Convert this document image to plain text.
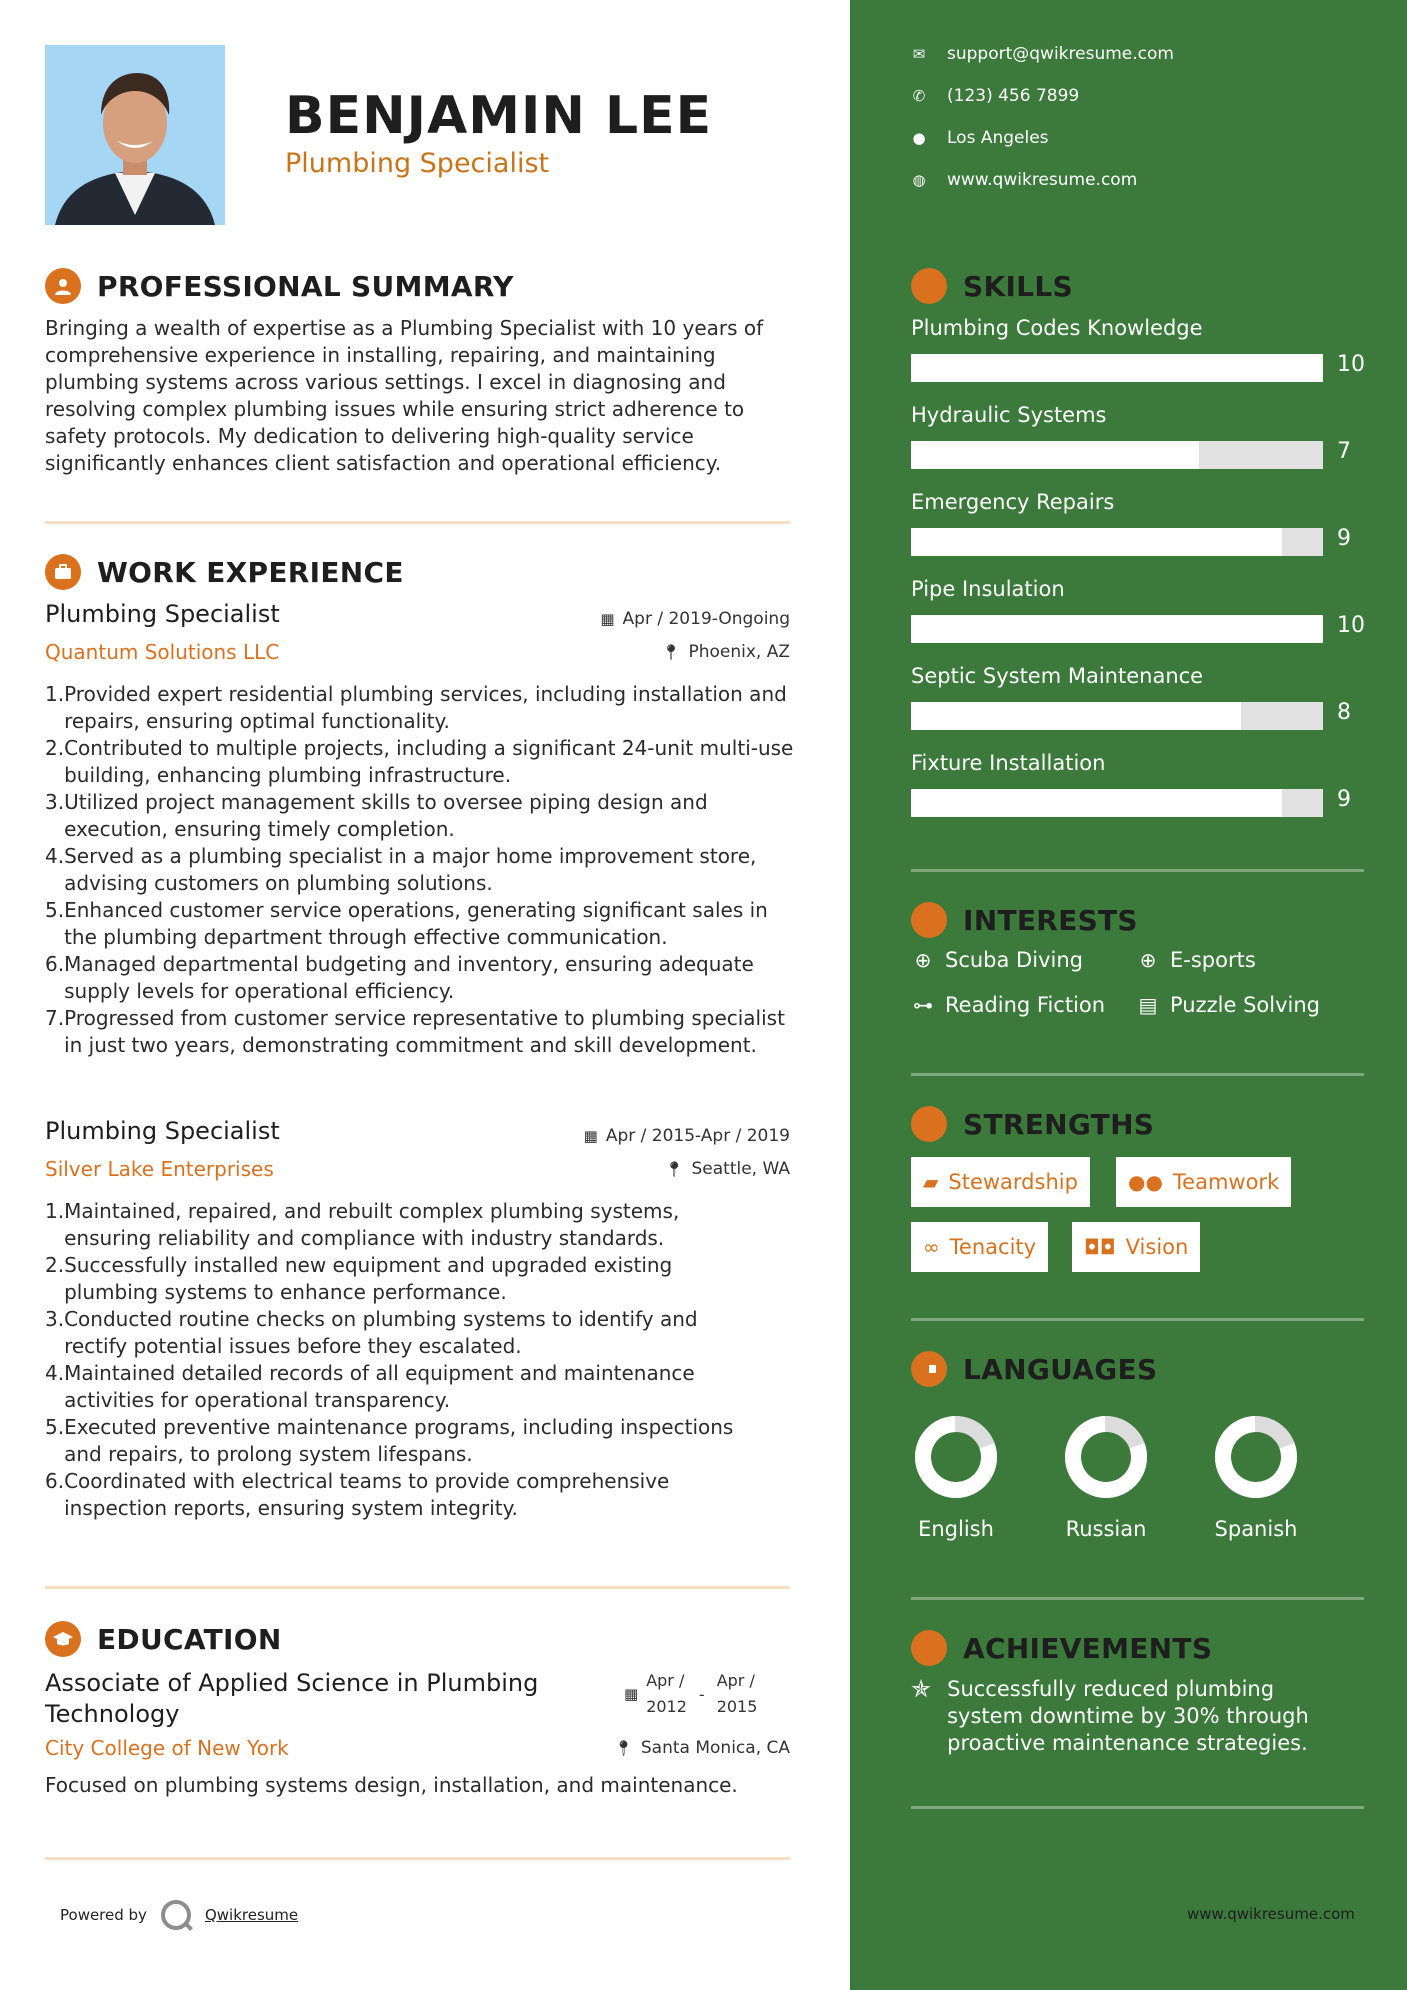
BENJAMIN LEE
Plumbing Specialist
PROFESSIONAL SUMMARY
Bringing a wealth of expertise as a Plumbing Specialist with 10 years of comprehensive experience in installing, repairing, and maintaining plumbing systems across various settings. I excel in diagnosing and resolving complex plumbing issues while ensuring strict adherence to safety protocols. My dedication to delivering high-quality service significantly enhances client satisfaction and operational efficiency.
WORK EXPERIENCE
Plumbing Specialist	▦ Apr / 2019-Ongoing
Quantum Solutions LLC	📍︎ Phoenix, AZ
1. Provided expert residential plumbing services, including installation and repairs, ensuring optimal functionality.
2. Contributed to multiple projects, including a significant 24-unit multi-use building, enhancing plumbing infrastructure.
3. Utilized project management skills to oversee piping design and execution, ensuring timely completion.
4. Served as a plumbing specialist in a major home improvement store, advising customers on plumbing solutions.
5. Enhanced customer service operations, generating significant sales in the plumbing department through effective communication.
6. Managed departmental budgeting and inventory, ensuring adequate supply levels for operational efficiency.
7. Progressed from customer service representative to plumbing specialist in just two years, demonstrating commitment and skill development.
Plumbing Specialist	▦ Apr / 2015-Apr / 2019
Silver Lake Enterprises	📍︎ Seattle, WA
1. Maintained, repaired, and rebuilt complex plumbing systems, ensuring reliability and compliance with industry standards.
2. Successfully installed new equipment and upgraded existing plumbing systems to enhance performance.
3. Conducted routine checks on plumbing systems to identify and rectify potential issues before they escalated.
4. Maintained detailed records of all equipment and maintenance activities for operational transparency.
5. Executed preventive maintenance programs, including inspections and repairs, to prolong system lifespans.
6. Coordinated with electrical teams to provide comprehensive inspection reports, ensuring system integrity.
EDUCATION
Associate of Applied Science in Plumbing Technology
▦
Apr /
2012
-
Apr /
2015
City College of New York	📍︎ Santa Monica, CA
Focused on plumbing systems design, installation, and maintenance.
Powered by	Qwikresume
✉ support@qwikresume.com
✆ (123) 456 7899
● Los Angeles
◍ www.qwikresume.com
SKILLS
Plumbing Codes Knowledge
10
Hydraulic Systems
7
Emergency Repairs
9
Pipe Insulation
10
Septic System Maintenance
8
Fixture Installation
9
INTERESTS
⊕ Scuba Diving	⊕ E-sports
⊶ Reading Fiction ▤ Puzzle Solving
STRENGTHS
▰ Stewardship	●● Teamwork
∞ Tenacity ◘◘ Vision
LANGUAGES
English	Russian	Spanish
ACHIEVEMENTS
✯ Successfully reduced plumbing system downtime by 30% through proactive maintenance strategies.
www.qwikresume.com
